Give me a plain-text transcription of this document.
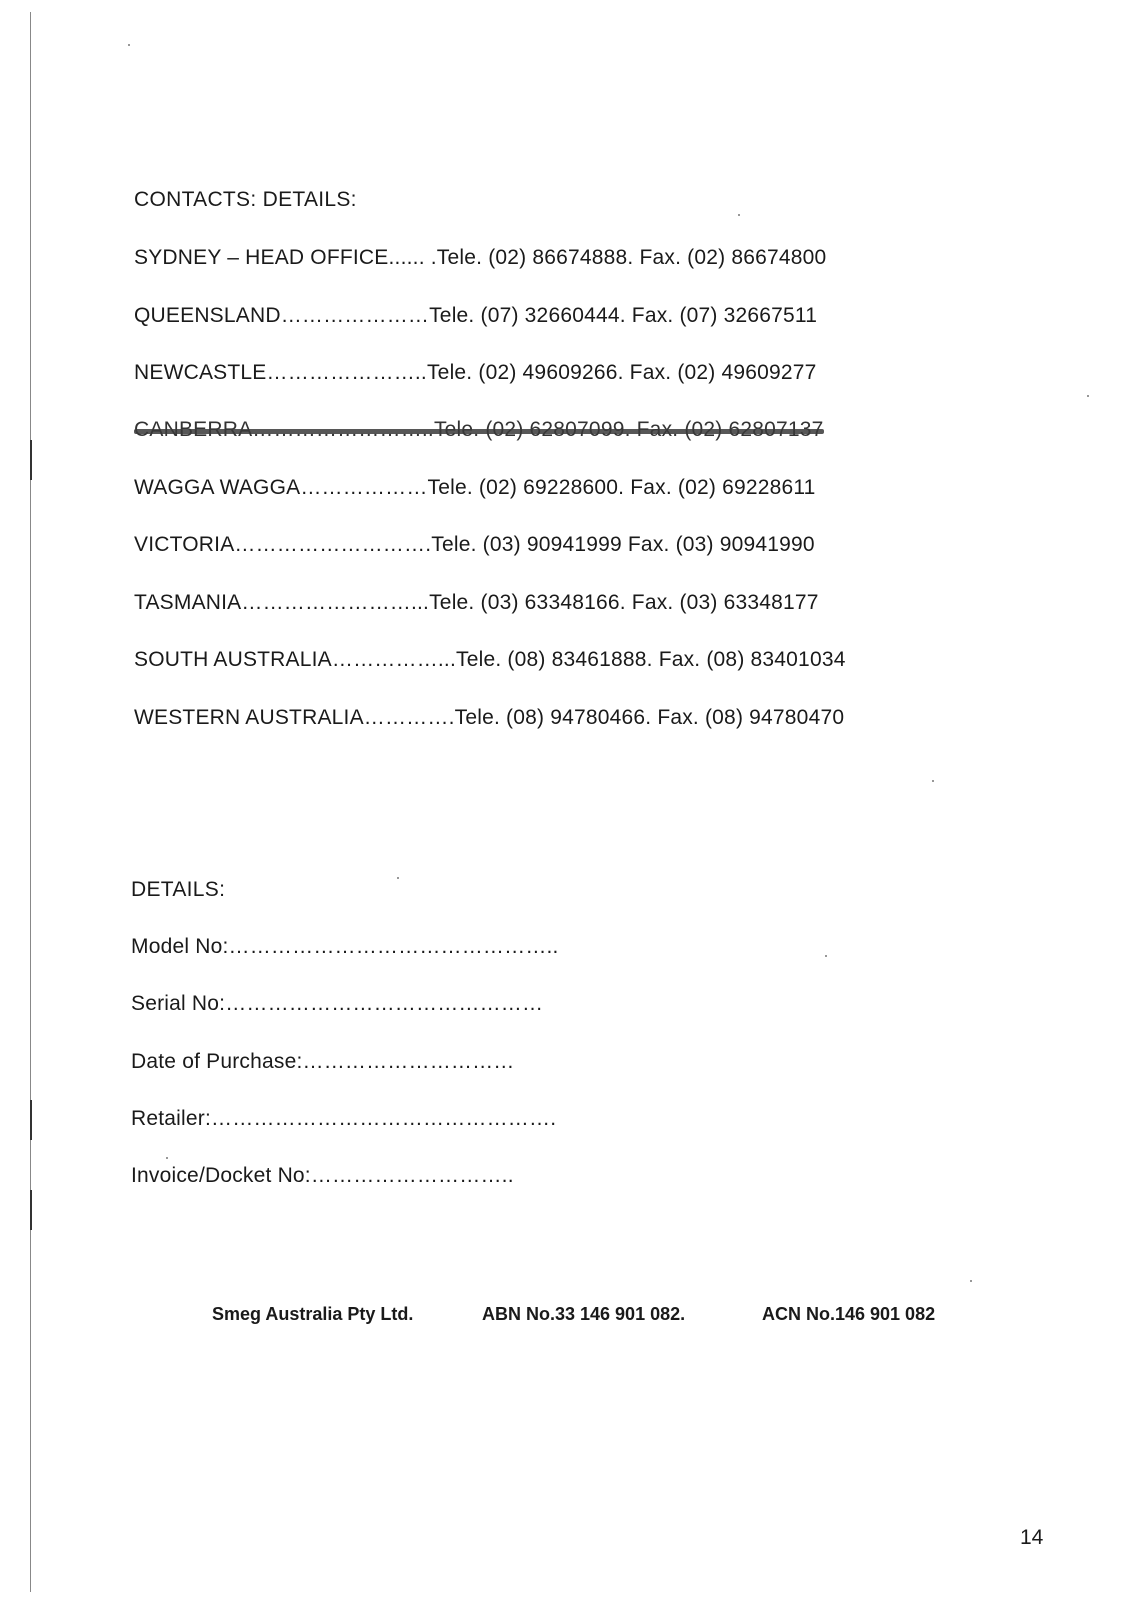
CONTACTS: DETAILS:
SYDNEY – HEAD OFFICE...... .Tele. (02) 86674888. Fax. (02) 86674800
QUEENSLAND…………………Tele. (07) 32660444. Fax. (07) 32667511
NEWCASTLE…………………..Tele. (02) 49609266. Fax. (02) 49609277
WAGGA WAGGA………………Tele. (02) 69228600. Fax. (02) 69228611
VICTORIA……………………….Tele. (03) 90941999 Fax. (03) 90941990
TASMANIA……………………...Tele. (03) 63348166. Fax. (03) 63348177
SOUTH AUSTRALIA……………...Tele. (08) 83461888. Fax. (08) 83401034
WESTERN AUSTRALIA………….Tele. (08) 94780466. Fax. (08) 94780470
DETAILS:
Model No:………………………………………..
Serial No:………………………………………
Date of Purchase:…………………………
Retailer:………………………………………….
Invoice/Docket No:………………………..
Smeg Australia Pty Ltd.	ABN No.33 146 901 082.	ACN No.146 901 082
14
